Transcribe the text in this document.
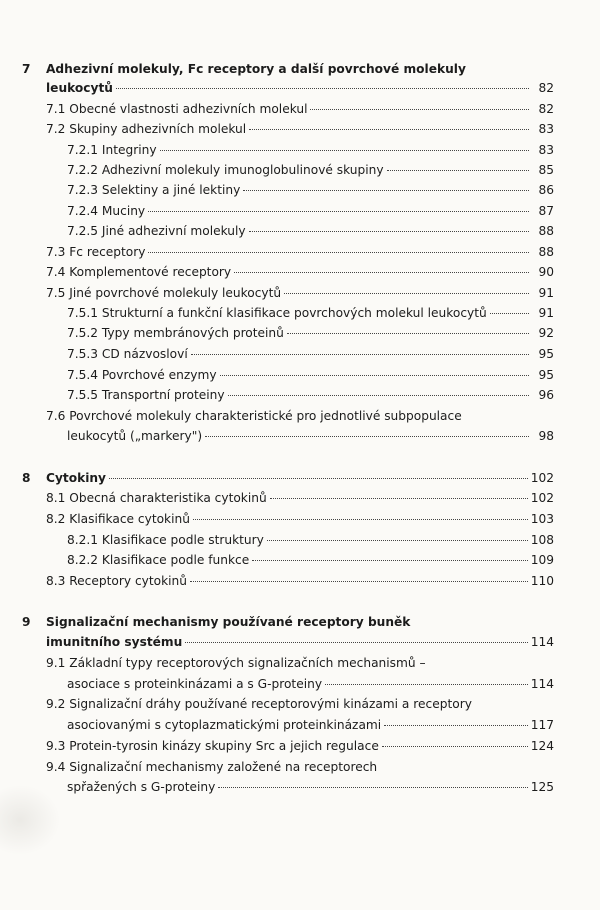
7 Adhezivní molekuly, Fc receptory a další povrchové molekuly
leukocytů	82
7.1 Obecné vlastnosti adhezivních molekul	82
7.2 Skupiny adhezivních molekul	83
7.2.1 Integriny	83
7.2.2 Adhezivní molekuly imunoglobulinové skupiny	85
7.2.3 Selektiny a jiné lektiny	86
7.2.4 Muciny	87
7.2.5 Jiné adhezivní molekuly	88
7.3 Fc receptory	88
7.4 Komplementové receptory	90
7.5 Jiné povrchové molekuly leukocytů	91
7.5.1 Strukturní a funkční klasifikace povrchových molekul leukocytů	91
7.5.2 Typy membránových proteinů	92
7.5.3 CD názvosloví	95
7.5.4 Povrchové enzymy	95
7.5.5 Transportní proteiny	96
7.6 Povrchové molekuly charakteristické pro jednotlivé subpopulace
leukocytů („markery")	98
8 Cytokiny	102
8.1 Obecná charakteristika cytokinů	102
8.2 Klasifikace cytokinů	103
8.2.1 Klasifikace podle struktury	108
8.2.2 Klasifikace podle funkce	109
8.3 Receptory cytokinů	110
9 Signalizační mechanismy používané receptory buněk
imunitního systému	114
9.1 Základní typy receptorových signalizačních mechanismů –
asociace s proteinkinázami a s G-proteiny	114
9.2 Signalizační dráhy používané receptorovými kinázami a receptory
asociovanými s cytoplazmatickými proteinkinázami	117
9.3 Protein-tyrosin kinázy skupiny Src a jejich regulace	124
9.4 Signalizační mechanismy založené na receptorech
spřažených s G-proteiny	125
